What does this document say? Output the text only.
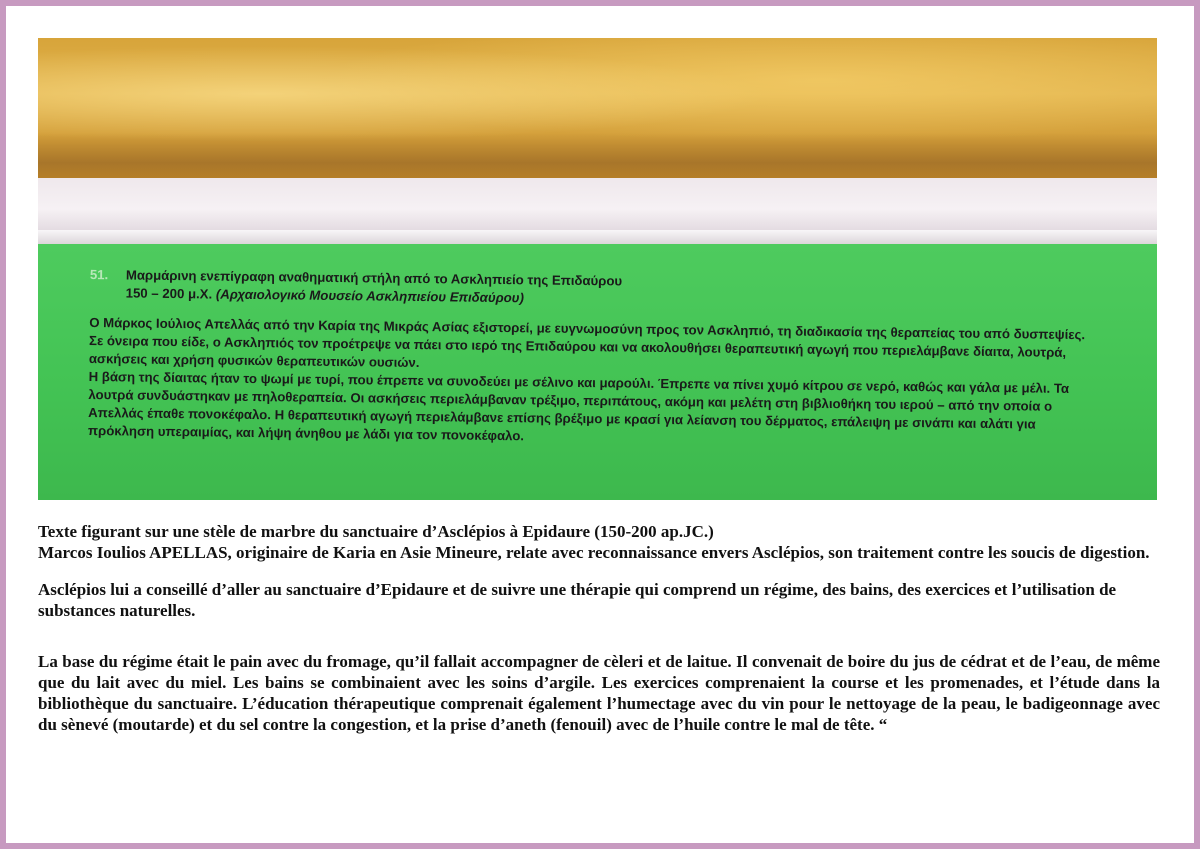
51.	Μαρμάρινη ενεπίγραφη αναθηματική στήλη από το Ασκληπιείο της Επιδαύρου
150 – 200 μ.Χ. (Αρχαιολογικό Μουσείο Ασκληπιείου Επιδαύρου)

Ο Μάρκος Ιούλιος Απελλάς από την Καρία της Μικράς Ασίας εξιστορεί, με ευγνωμοσύνη προς τον Ασκληπιό, τη διαδικασία της θεραπείας του από δυσπεψίες. Σε όνειρα που είδε, ο Ασκληπιός τον προέτρεψε να πάει στο ιερό της Επιδαύρου και να ακολουθήσει θεραπευτική αγωγή που περιελάμβανε δίαιτα, λουτρά, ασκήσεις και χρήση φυσικών θεραπευτικών ουσιών.

Η βάση της δίαιτας ήταν το ψωμί με τυρί, που έπρεπε να συνοδεύει με σέλινο και μαρούλι. Έπρεπε να πίνει χυμό κίτρου σε νερό, καθώς και γάλα με μέλι. Τα λουτρά συνδυάστηκαν με πηλοθεραπεία. Οι ασκήσεις περιελάμβαναν τρέξιμο, περιπάτους, ακόμη και μελέτη στη βιβλιοθήκη του ιερού – από την οποία ο Απελλάς έπαθε πονοκέφαλο. Η θεραπευτική αγωγή περιελάμβανε επίσης βρέξιμο με κρασί για λείανση του δέρματος, επάλειψη με σινάπι και αλάτι για πρόκληση υπεραιμίας, και λήψη άνηθου με λάδι για τον πονοκέφαλο.

Texte figurant sur une stèle de marbre du sanctuaire d’Asclépios à Epidaure (150-200 ap.JC.)

Marcos Ioulios APELLAS, originaire de Karia en Asie Mineure, relate avec reconnaissance envers Asclépios, son traitement contre les soucis de digestion.

Asclépios lui a conseillé d’aller au sanctuaire d’Epidaure et de suivre une thérapie qui comprend un régime, des bains, des exercices et l’utilisation de substances naturelles.

La base du régime était le pain avec du fromage, qu’il fallait accompagner de cèleri et de laitue. Il convenait de boire du jus de cédrat et de l’eau, de même que du lait avec du miel. Les bains se combinaient avec les soins d’argile. Les exercices comprenaient la course et les promenades, et l’étude dans la bibliothèque du sanctuaire. L’éducation thérapeutique comprenait également l’humectage avec du vin pour le nettoyage de la peau, le badigeonnage avec du sènevé (moutarde) et du sel contre la congestion, et la prise d’aneth (fenouil) avec de l’huile contre le mal de tête. “
